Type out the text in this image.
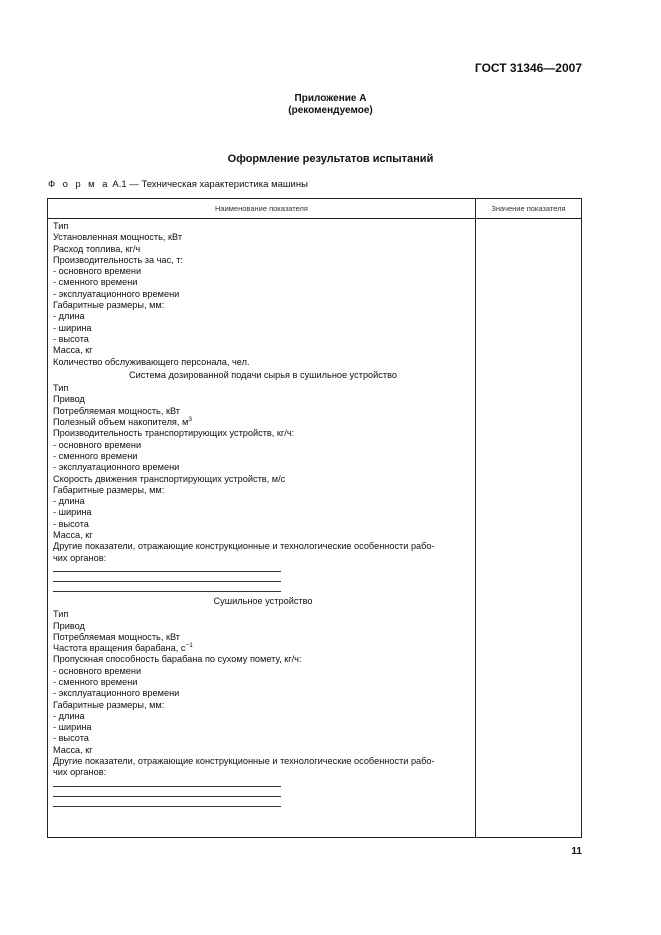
ГОСТ 31346—2007
Приложение А
(рекомендуемое)
Оформление результатов испытаний
Ф о р м а А.1 — Техническая характеристика машины
Наименование показателя	Значение показателя
Тип
Установленная мощность, кВт
Расход топлива, кг/ч
Производительность за час, т:
- основного времени
- сменного времени
- эксплуатационного времени
Габаритные размеры, мм:
- длина
- ширина
- высота
Масса, кг
Количество обслуживающего персонала, чел.
Система дозированной подачи сырья в сушильное устройство
Тип
Привод
Потребляемая мощность, кВт
Полезный объем накопителя, $м^3$
Производительность транспортирующих устройств, кг/ч:
- основного времени
- сменного времени
- эксплуатационного времени
Скорость движения транспортирующих устройств, м/с
Габаритные размеры, мм:
- длина
- ширина
- высота
Масса, кг
Другие показатели, отражающие конструкционные и технологические особенности рабо-
чих органов:
Сушильное устройство
Тип
Привод
Потребляемая мощность, кВт
Частота вращения барабана, $с^{-1}$
Пропускная способность барабана по сухому помету, кг/ч:
- основного времени
- сменного времени
- эксплуатационного времени
Габаритные размеры, мм:
- длина
- ширина
- высота
Масса, кг
Другие показатели, отражающие конструкционные и технологические особенности рабо-
чих органов:
11
